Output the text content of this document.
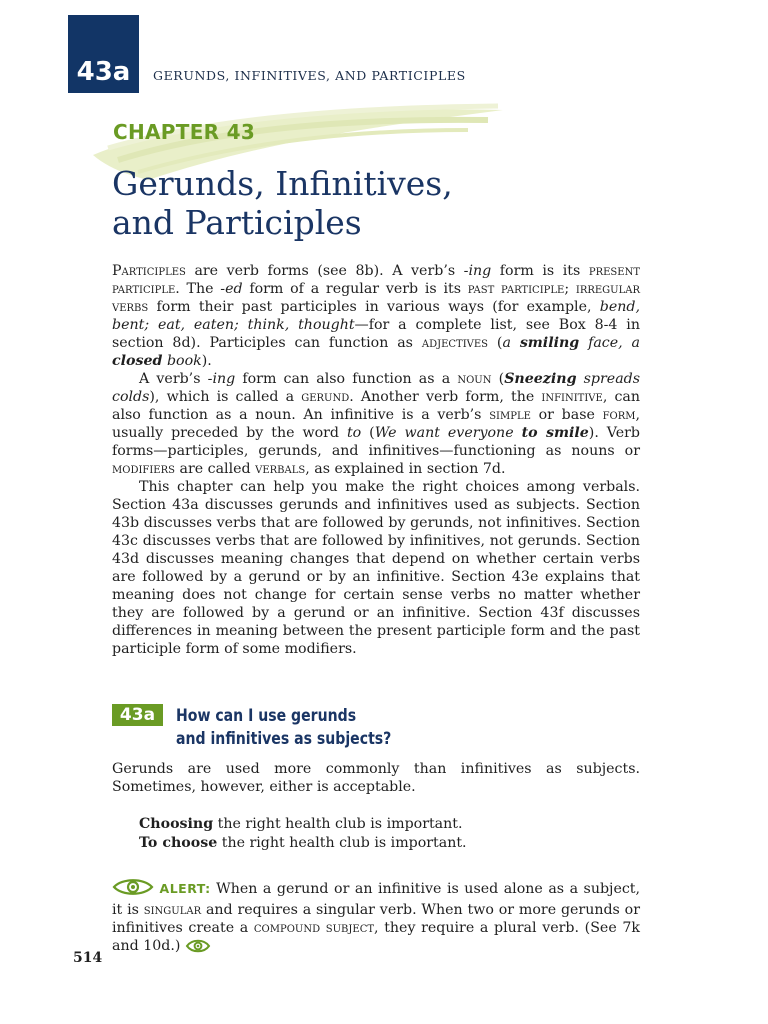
43a	GERUNDS, INFINITIVES, AND PARTICIPLES
CHAPTER 43
Gerunds, Infinitives,
and Participles

Participles are verb forms (see 8b). A verb’s -ing form is its present participle. The -ed form of a regular verb is its past participle; irregular verbs form their past participles in various ways (for example, bend, bent; eat, eaten; think, thought—for a complete list, see Box 8-4 in section 8d). Participles can function as adjectives (a smiling face, a closed book).

A verb’s -ing form can also function as a noun (Sneezing spreads colds), which is called a gerund. Another verb form, the infinitive, can also function as a noun. An infinitive is a verb’s simple or base form, usually preceded by the word to (We want everyone to smile). Verb forms—participles, gerunds, and infinitives—functioning as nouns or modifiers are called verbals, as explained in section 7d.

This chapter can help you make the right choices among verbals. Section 43a discusses gerunds and infinitives used as subjects. Section 43b discusses verbs that are followed by gerunds, not infinitives. Section 43c discusses verbs that are followed by infinitives, not gerunds. Section 43d discusses meaning changes that depend on whether certain verbs are followed by a gerund or by an infinitive. Section 43e explains that meaning does not change for certain sense verbs no matter whether they are followed by a gerund or an infinitive. Section 43f discusses differences in meaning between the present participle form and the past participle form of some modifiers.

43a	How can I use gerunds
and infinitives as subjects?
Gerunds are used more commonly than infinitives as subjects. Sometimes, however, either is acceptable.
Choosing the right health club is important.
To choose the right health club is important.
ALERT: When a gerund or an infinitive is used alone as a subject, it is singular and requires a singular verb. When two or more gerunds or infinitives create a compound subject, they require a plural verb. (See 7k and 10d.)
514
